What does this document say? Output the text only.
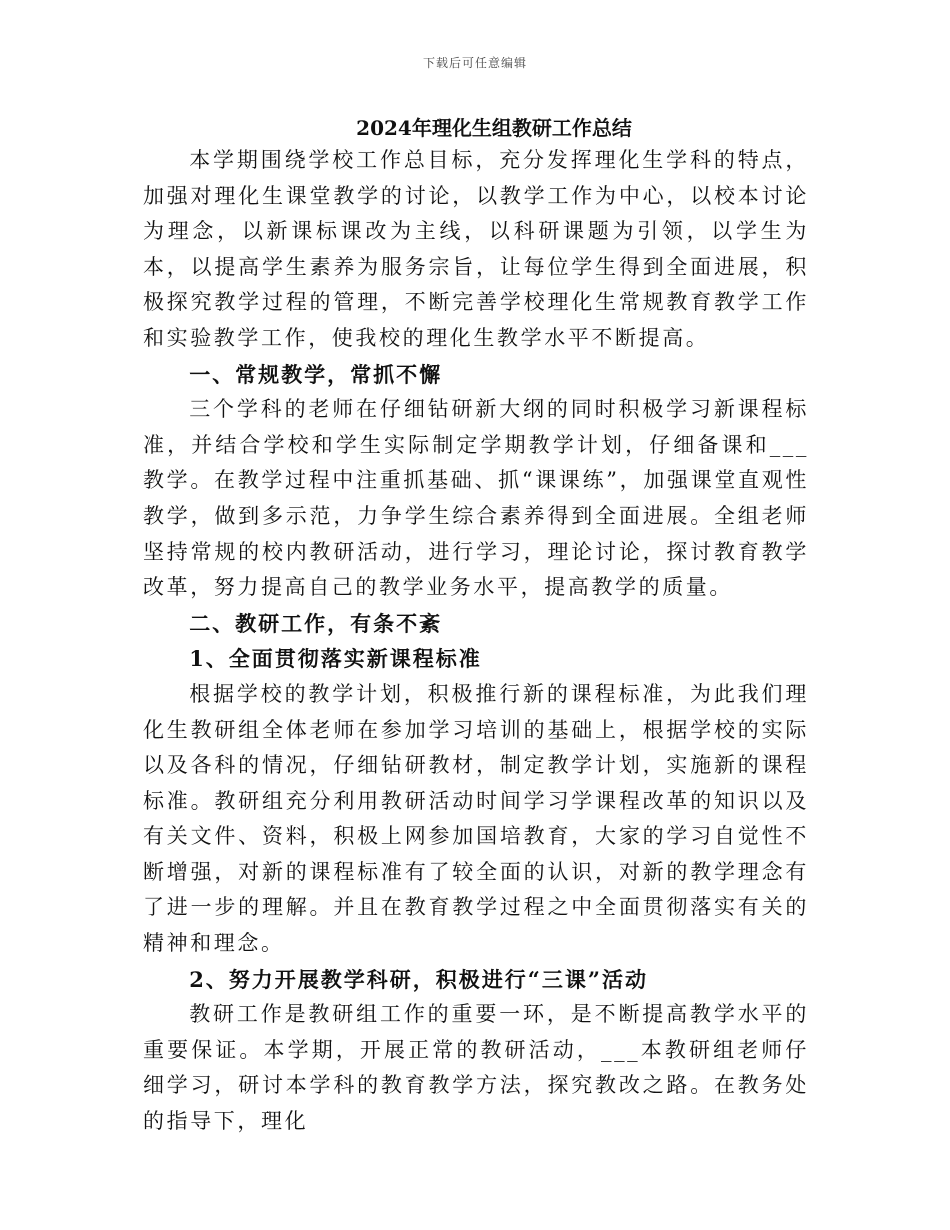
下载后可任意编辑
2024年理化生组教研工作总结

本学期围绕学校工作总目标，充分发挥理化生学科的特点，加强对理化生课堂教学的讨论，以教学工作为中心，以校本讨论为理念，以新课标课改为主线，以科研课题为引领，以学生为本，以提高学生素养为服务宗旨，让每位学生得到全面进展，积极探究教学过程的管理，不断完善学校理化生常规教育教学工作和实验教学工作，使我校的理化生教学水平不断提高。

一、常规教学，常抓不懈

三个学科的老师在仔细钻研新大纲的同时积极学习新课程标准，并结合学校和学生实际制定学期教学计划，仔细备课和___教学。在教学过程中注重抓基础、抓“课课练”，加强课堂直观性教学，做到多示范，力争学生综合素养得到全面进展。全组老师坚持常规的校内教研活动，进行学习，理论讨论，探讨教育教学改革，努力提高自己的教学业务水平，提高教学的质量。

二、教研工作，有条不紊

1、全面贯彻落实新课程标准

根据学校的教学计划，积极推行新的课程标准，为此我们理化生教研组全体老师在参加学习培训的基础上，根据学校的实际以及各科的情况，仔细钻研教材，制定教学计划，实施新的课程标准。教研组充分利用教研活动时间学习学课程改革的知识以及有关文件、资料，积极上网参加国培教育，大家的学习自觉性不断增强，对新的课程标准有了较全面的认识，对新的教学理念有了进一步的理解。并且在教育教学过程之中全面贯彻落实有关的精神和理念。

2、努力开展教学科研，积极进行“三课”活动

教研工作是教研组工作的重要一环，是不断提高教学水平的重要保证。本学期，开展正常的教研活动，___本教研组老师仔细学习，研讨本学科的教育教学方法，探究教改之路。在教务处的指导下，理化
